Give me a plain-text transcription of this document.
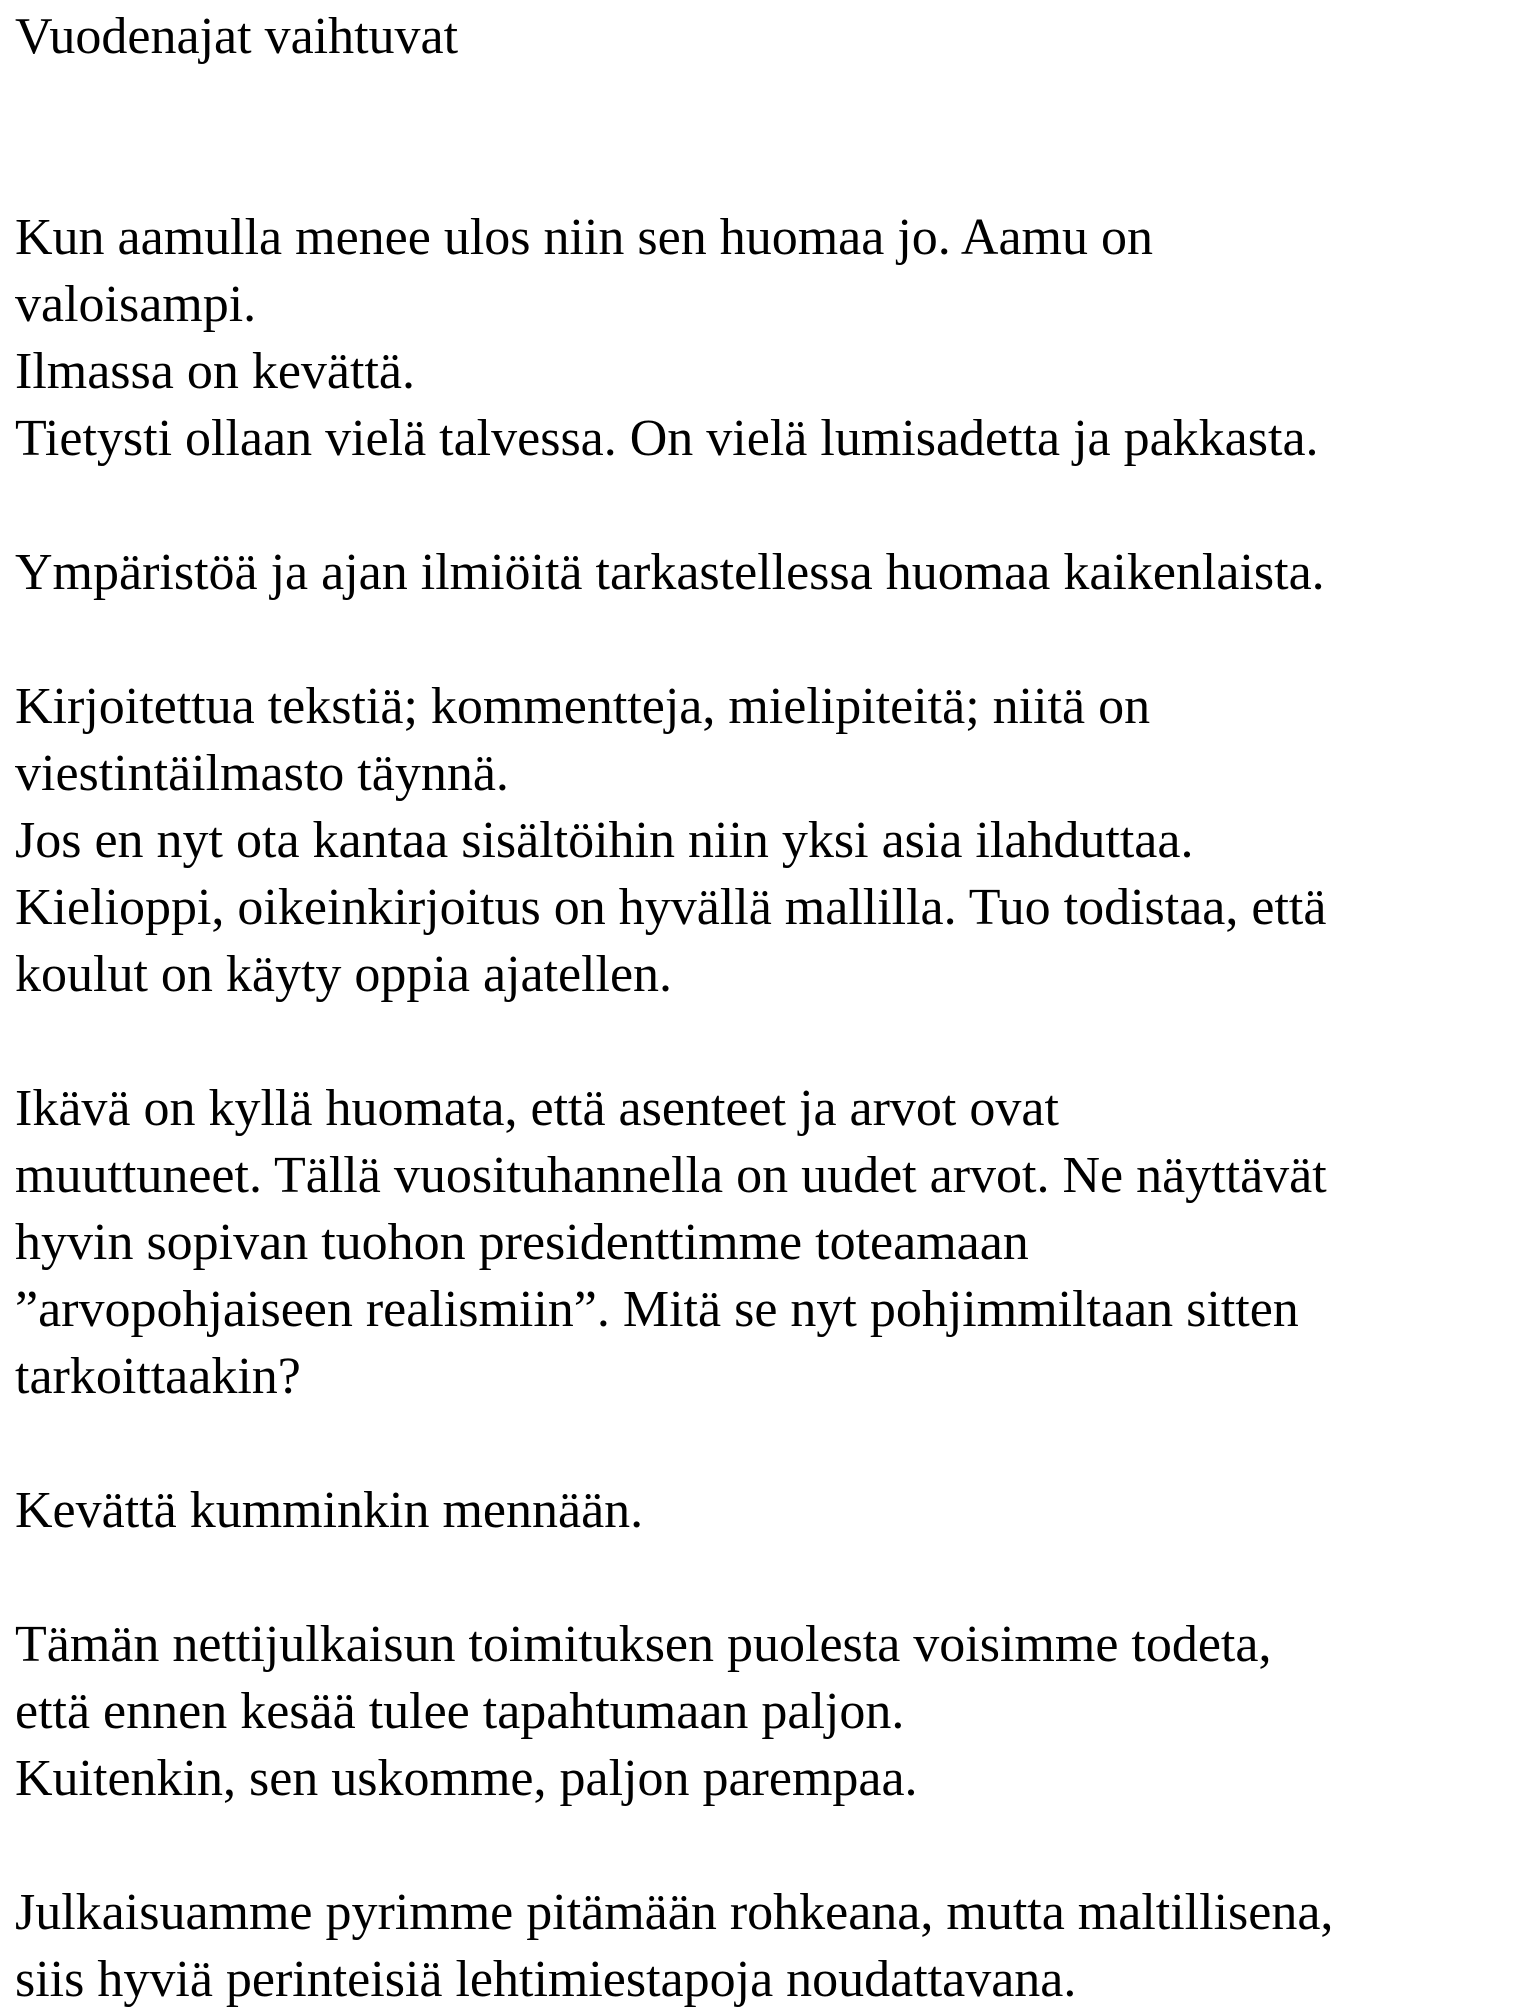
Vuodenajat vaihtuvat

Kun aamulla menee ulos niin sen huomaa jo. Aamu on
valoisampi.
Ilmassa on kevättä.
Tietysti ollaan vielä talvessa. On vielä lumisadetta ja pakkasta.

Ympäristöä ja ajan ilmiöitä tarkastellessa huomaa kaikenlaista.

Kirjoitettua tekstiä; kommentteja, mielipiteitä; niitä on
viestintäilmasto täynnä.
Jos en nyt ota kantaa sisältöihin niin yksi asia ilahduttaa.
Kielioppi, oikeinkirjoitus on hyvällä mallilla. Tuo todistaa, että
koulut on käyty oppia ajatellen.

Ikävä on kyllä huomata, että asenteet ja arvot ovat
muuttuneet. Tällä vuosituhannella on uudet arvot. Ne näyttävät
hyvin sopivan tuohon presidenttimme toteamaan
”arvopohjaiseen realismiin”. Mitä se nyt pohjimmiltaan sitten
tarkoittaakin?

Kevättä kumminkin mennään.

Tämän nettijulkaisun toimituksen puolesta voisimme todeta,
että ennen kesää tulee tapahtumaan paljon.
Kuitenkin, sen uskomme, paljon parempaa.

Julkaisuamme pyrimme pitämään rohkeana, mutta maltillisena,
siis hyviä perinteisiä lehtimiestapoja noudattavana.
